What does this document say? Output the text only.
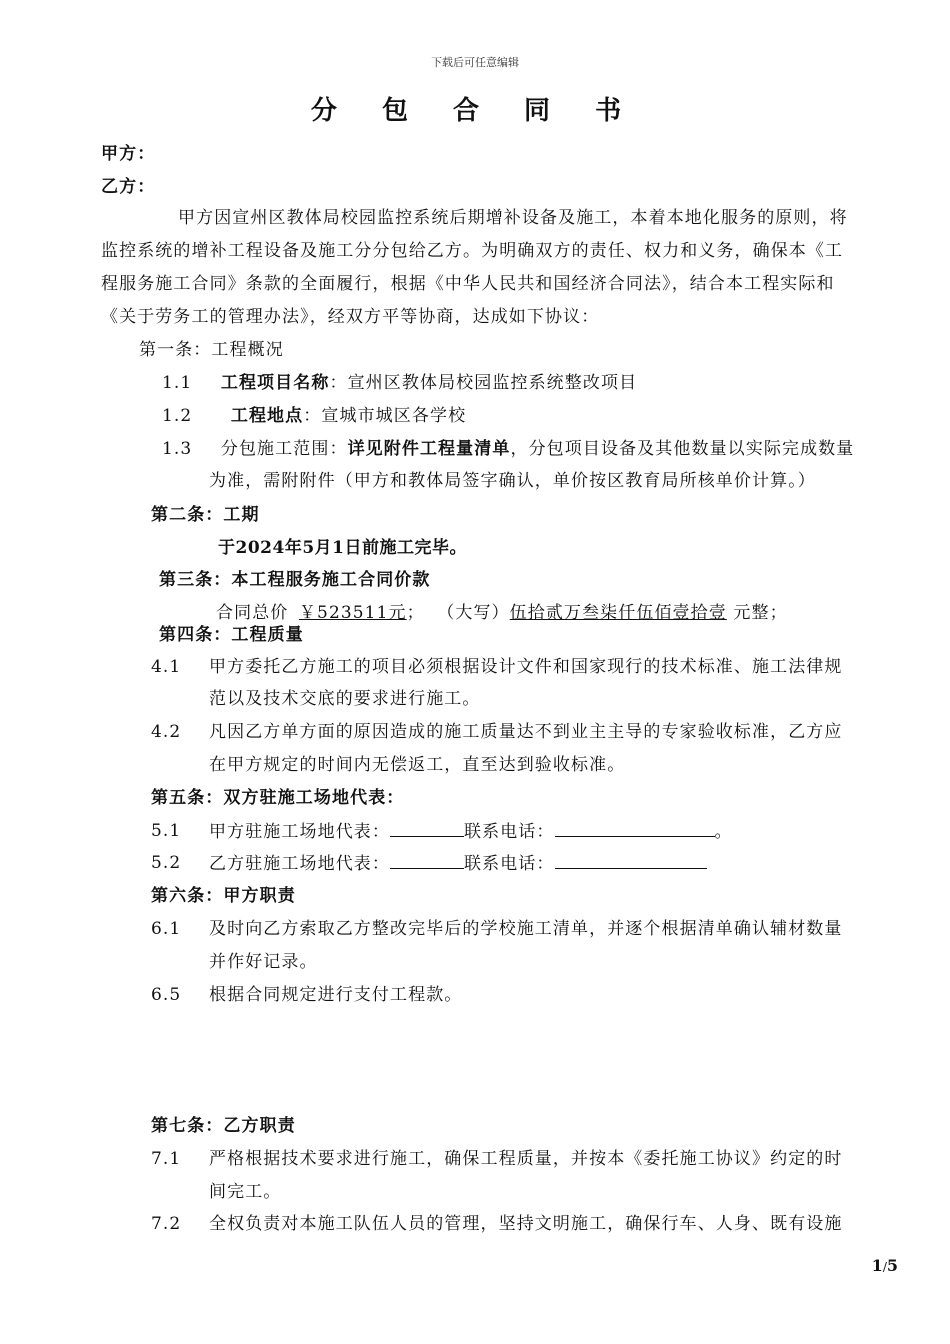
下载后可任意编辑
分 包 合 同 书
甲方：
乙方：
甲方因宣州区教体局校园监控系统后期增补设备及施工，本着本地化服务的原则，将
监控系统的增补工程设备及施工分分包给乙方。为明确双方的责任、权力和义务，确保本《工
程服务施工合同》条款的全面履行，根据《中华人民共和国经济合同法》，结合本工程实际和
《关于劳务工的管理办法》，经双方平等协商，达成如下协议：
第一条：工程概况
1.1 工程项目名称：宣州区教体局校园监控系统整改项目
1.2 工程地点：宣城市城区各学校
1.3 分包施工范围：详见附件工程量清单，分包项目设备及其他数量以实际完成数量
为准，需附附件（甲方和教体局签字确认，单价按区教育局所核单价计算。）
第二条：工期
于2024年5月1日前施工完毕。
第三条：本工程服务施工合同价款
合同总价 ￥523511元； （大写）伍拾贰万叁柒仟伍佰壹拾壹 元整；
第四条：工程质量
4.1 甲方委托乙方施工的项目必须根据设计文件和国家现行的技术标准、施工法律规
范以及技术交底的要求进行施工。
4.2 凡因乙方单方面的原因造成的施工质量达不到业主主导的专家验收标准，乙方应
在甲方规定的时间内无偿返工，直至达到验收标准。
第五条：双方驻施工场地代表：
5.1 甲方驻施工场地代表：	联系电话：	。
5.2 乙方驻施工场地代表：	联系电话：
第六条：甲方职责
6.1 及时向乙方索取乙方整改完毕后的学校施工清单，并逐个根据清单确认辅材数量
并作好记录。
6.5 根据合同规定进行支付工程款。
第七条：乙方职责
7.1 严格根据技术要求进行施工，确保工程质量，并按本《委托施工协议》约定的时
间完工。
7.2 全权负责对本施工队伍人员的管理，坚持文明施工，确保行车、人身、既有设施
1/5
